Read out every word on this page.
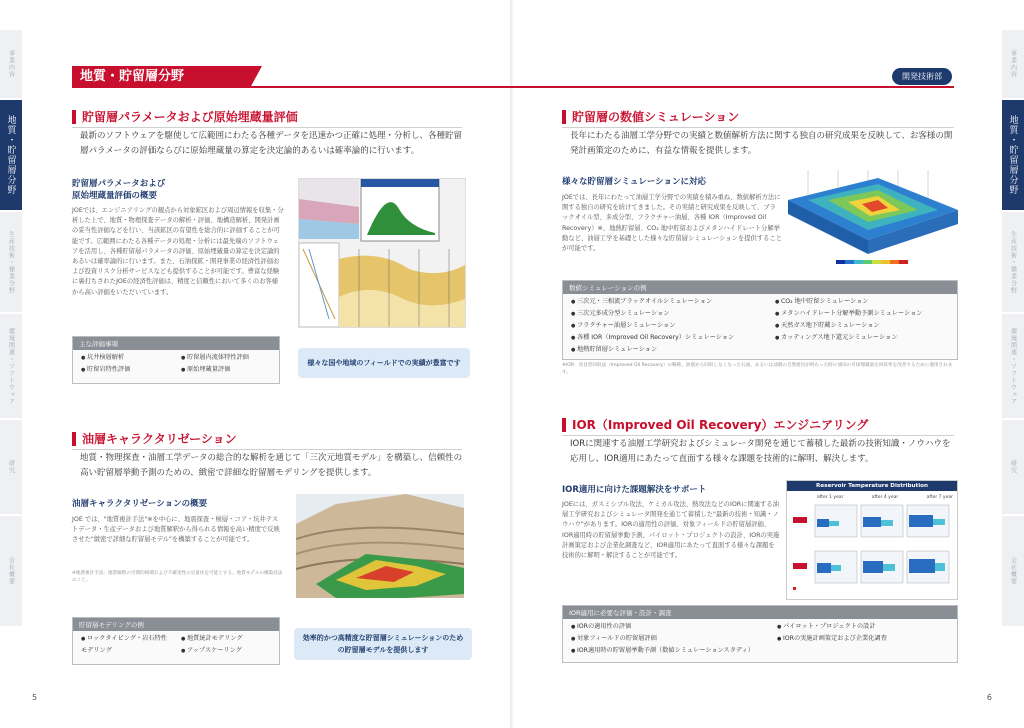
事業内容
地質・貯留層分野
生産技術・操業分野
環境関連・ソフトウェア
研究
会社概要
事業内容
地質・貯留層分野
生産技術・操業分野
環境関連・ソフトウェア
研究
会社概要
地質・貯留層分野	開発技術部
貯留層パラメータおよび原始埋蔵量評価
最新のソフトウェアを駆使して広範囲にわたる各種データを迅速かつ正確に処理・分析し、各種貯留層パラメータの評価ならびに原始埋蔵量の算定を決定論的あるいは確率論的に行います。
貯留層パラメータおよび
原始埋蔵量評価の概要
JOEでは、エンジニアリングの観点から対象鉱区および周辺情報を収集・分析した上で、地質・物理探査データの解析・評価、地構造解析、開発計画の妥当性評価などを行い、当該鉱区の有望性を総合的に評価することが可能です。広範囲にわたる各種データの処理・分析には最先端のソフトウェアを活用し、各種貯留層パラメータの評価、原始埋蔵量の算定を決定論的あるいは確率論的に行います。また、石油探鉱・開発事業の経済性評価および投資リスク分析サービスなども提供することが可能です。豊富な経験に裏打ちされたJOEの経済性評価は、精度と信頼性において多くのお客様から高い評価をいただいています。
主な評価事項
● 坑井検層解析
● 貯留岩特性評価
● 貯留層内流体特性評価
● 原始埋蔵量評価
様々な国や地域のフィールドでの実績が豊富です
油層キャラクタリゼーション
地質・物理探査・油層工学データの総合的な解析を通じて「三次元地質モデル」を構築し、信頼性の高い貯留層挙動予測のための、緻密で詳細な貯留層モデリングを提供します。
油層キャラクタリゼーションの概要
JOE では、"地質複計手法"※を中心に、地震探査・検層・コア・坑井テストデータ・生産データおよび地質解釈から得られる情報を高い精度で反映させた"緻密で詳細な貯留層モデル"を構築することが可能です。
※地質複計手法：地質解釈の空間的相関および不確実性の定量化を可能とする、地質モデルの構築技法のこと。
貯留層モデリングの例
● ロックタイピング・岩石特性モデリング
● 地質統計モデリング
● アップスケーリング
効率的かつ高精度な貯留層シミュレーションのための貯留層モデルを提供します
5
貯留層の数値シミュレーション
長年にわたる油層工学分野での実績と数値解析方法に関する独自の研究成果を反映して、お客様の開発計画策定のために、有益な情報を提供します。
様々な貯留層シミュレーションに対応
JOEでは、長年にわたって油層工学分野での実績を積み重ね、数値解析方法に関する独自の研究を続けてきました。その実績と研究成果を反映して、ブラックオイル型、多成分型、フラクチャー油層、各種 IOR（Improved Oil Recovery）※、地熱貯留層、CO₂ 地中貯留およびメタンハイドレート分解挙動など、油層工学を基礎とした様々な貯留層シミュレーションを提供することが可能です。
数値シミュレーションの例
● 三次元・三相流ブラックオイルシミュレーション
● 三次元多成分型シミュレーション
● フラクチャー油層シミュレーション
● 各種 IOR（Improved Oil Recovery）シミュレーション
● 地熱貯留層シミュレーション
● CO₂ 地中貯留シミュレーション
● メタンハイドレート分解挙動予測シミュレーション
● 天然ガス地下貯蔵シミュレーション
● カッティングス地下還元シミュレーション
※IOR：改良型回収法（Improved Oil Recovery）の略称。油層から回収しなくなった石油、あるいは油層の自然排出が終わった時の油田の可採埋蔵量を回収率を改善するために適用されます。
IOR（Improved Oil Recovery）エンジニアリング
IORに関連する油層工学研究およびシミュレータ開発を通じて蓄積した最新の技術知識・ノウハウを応用し、IOR適用にあたって直面する様々な課題を技術的に解明、解決します。
IOR適用に向けた課題解決をサポート
JOEには、ガスミシブル攻法、ケミカル攻法、熱攻法などのIORに関連する油層工学研究およびシミュレータ開発を通じて蓄積した"最新の技術・知識・ノウハウ"があります。IORの適用性の評価、対象フィールドの貯留層評価、IOR適用時の貯留層挙動予測、パイロット・プロジェクトの設計、IORの実施計画策定および企業化調査など、IOR適用にあたって直面する様々な課題を技術的に解明・解決することが可能です。
Reservoir Temperature Distribution
after 1 year	after 4 year	after 7 year
IOR適用に必要な評価・設計・調査
● IORの適用性の評価
● 対象フィールドの貯留層評価
● IOR適用時の貯留層挙動予測（数値シミュレーションスタディ）
● パイロット・プロジェクトの設計
● IORの実施計画策定および企業化調査
6
